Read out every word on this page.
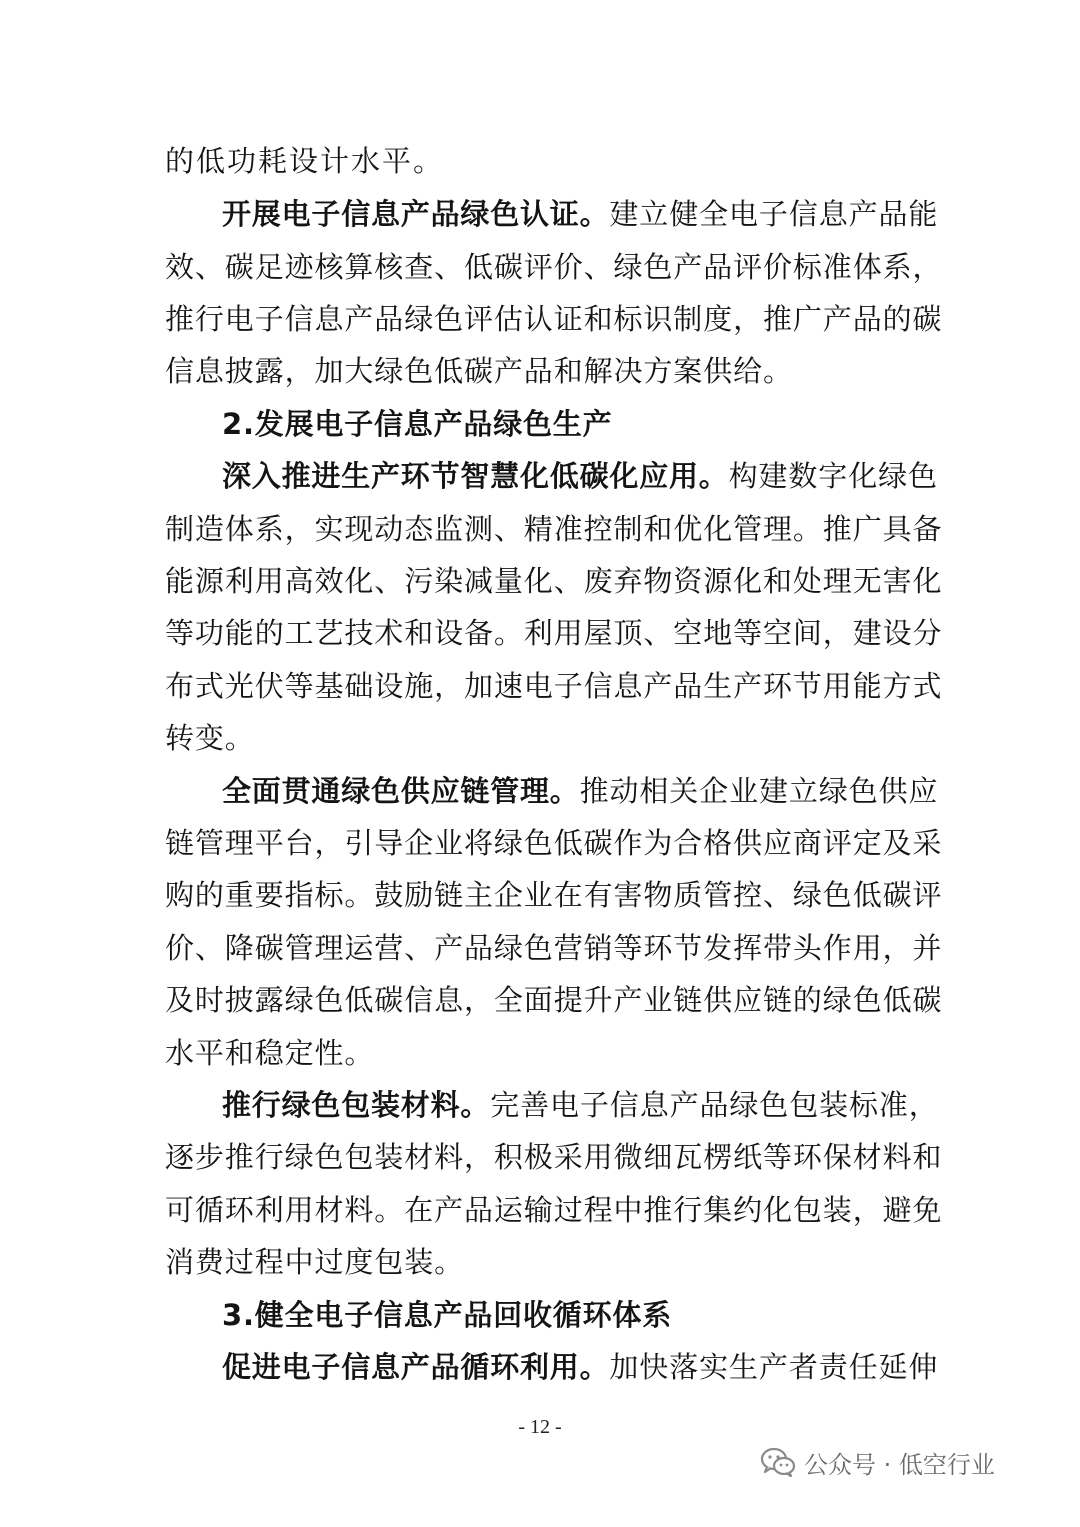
的低功耗设计水平。
开展电子信息产品绿色认证。建立健全电子信息产品能
效、碳足迹核算核查、低碳评价、绿色产品评价标准体系，
推行电子信息产品绿色评估认证和标识制度，推广产品的碳
信息披露，加大绿色低碳产品和解决方案供给。
2.发展电子信息产品绿色生产
深入推进生产环节智慧化低碳化应用。构建数字化绿色
制造体系，实现动态监测、精准控制和优化管理。推广具备
能源利用高效化、污染减量化、废弃物资源化和处理无害化
等功能的工艺技术和设备。利用屋顶、空地等空间，建设分
布式光伏等基础设施，加速电子信息产品生产环节用能方式
转变。
全面贯通绿色供应链管理。推动相关企业建立绿色供应
链管理平台，引导企业将绿色低碳作为合格供应商评定及采
购的重要指标。鼓励链主企业在有害物质管控、绿色低碳评
价、降碳管理运营、产品绿色营销等环节发挥带头作用，并
及时披露绿色低碳信息，全面提升产业链供应链的绿色低碳
水平和稳定性。
推行绿色包装材料。完善电子信息产品绿色包装标准，
逐步推行绿色包装材料，积极采用微细瓦楞纸等环保材料和
可循环利用材料。在产品运输过程中推行集约化包装，避免
消费过程中过度包装。
3.健全电子信息产品回收循环体系
促进电子信息产品循环利用。加快落实生产者责任延伸
- 12 -
公众号 · 低空行业
